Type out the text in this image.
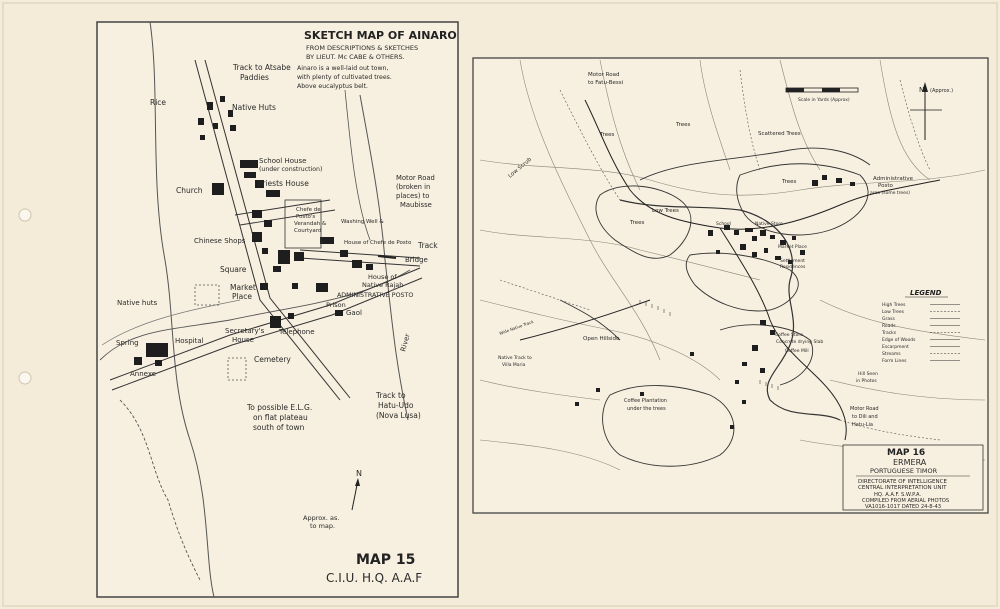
SKETCH MAP OF AINARO
FROM DESCRIPTIONS & SKETCHES
BY LIEUT. Mc CABE & OTHERS.
Ainaro is a well-laid out town,
with plenty of cultivated trees.
Above eucalyptus belt.
Track to Atsabe
Paddies
Rice
Native Huts
School House
(under construction)
Priests House
Church
Motor Road
(broken in
places) to
Maubisse
Chefe de
Posto's
Verandah &
Courtyard
Washing Well &
House of Chefe de Posto
Chinese Shops	Track
Bridge
Square
House of
Native Rajah
Market
Place	ADMINISTRATIVE POSTO
Prison
Gaol
Native huts
Secretary's
House
Telephone
Spring	Hospital
Annexe
Cemetery
River
To possible E.L.G.
on flat plateau
south of town
Track to
Hatu-Udo
(Nova Lusa)
Approx. as.
to map.
N
MAP 15
C.I.U. H.Q. A.A.F
Scale in Yards (Approx)
N (Approx.)
Motor Road
to Fatu-Bessi
Trees
Low Scrub
Scattered Trees
Trees
Trees
Administrative
Posto
area (some trees)
Trees
Low Trees
Native Store
School
Market Place
Settlement
Residences
Open Hillside
Native Track to
Villa Maria
Wide Native Track	Coffee Store
Concrete drying Slab
Coffee Mill
Coffee Plantation
under the trees
Hill Seen
in Photos
Motor Road
to Dili and
Hatu-Lia
LEGEND
High Trees
Low Trees
Grass
Roads
Tracks
Edge of Woods
Escarpment
Streams
Form Lines
MAP 16
ERMERA
PORTUGUESE TIMOR
DIRECTORATE OF INTELLIGENCE
CENTRAL INTERPRETATION UNIT
HQ. A.A.F. S.W.P.A.
COMPILED FROM AERIAL PHOTOS
VA1016-1017 DATED 24-8-43
